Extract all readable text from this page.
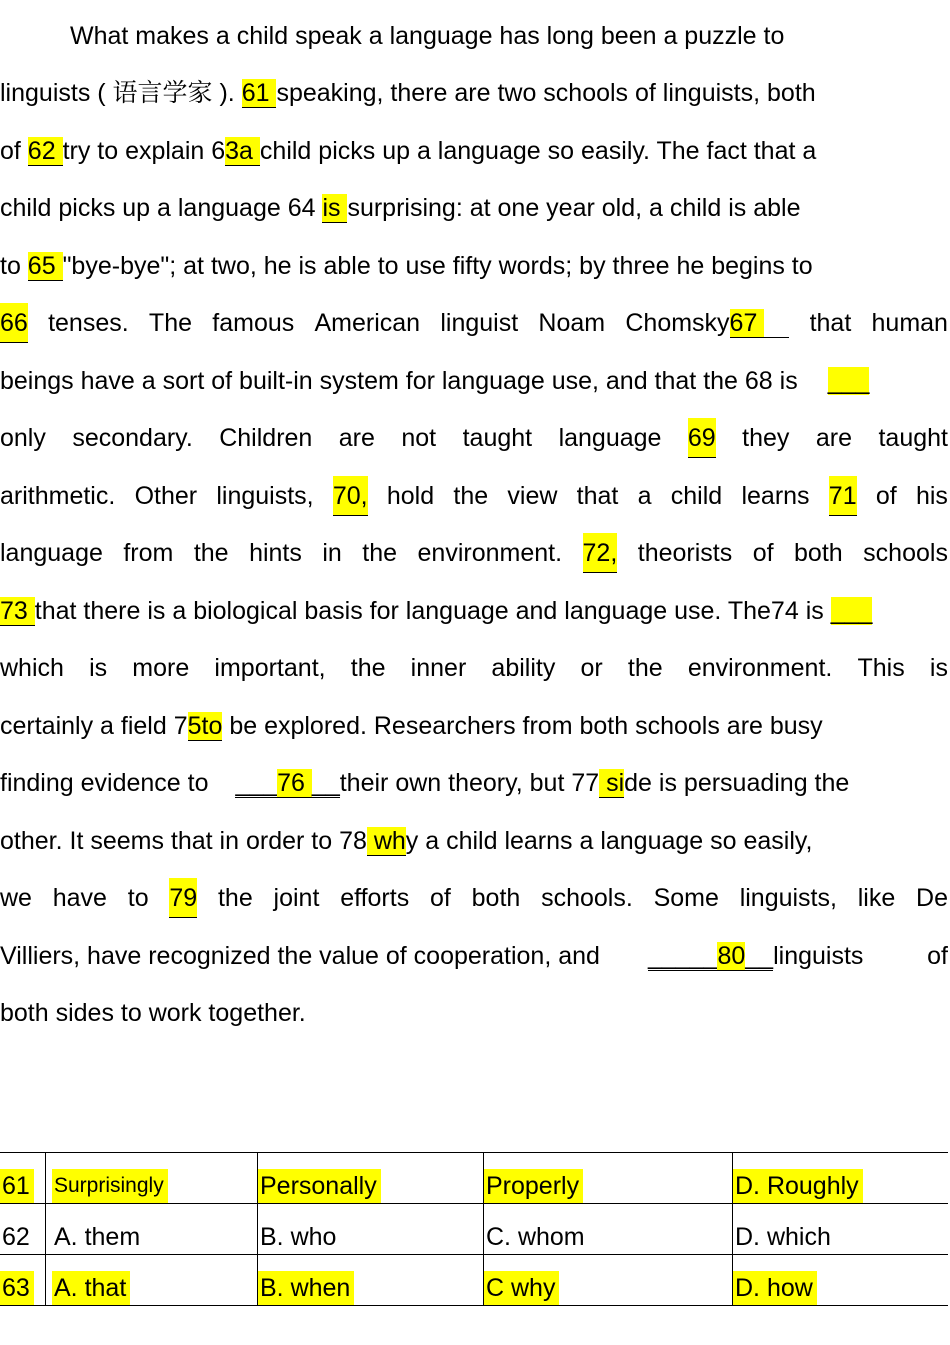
What makes a child speak a language has long been a puzzle to
linguists ( 语言学家 ). 61 speaking, there are two schools of linguists, both
of 62 try to explain 63a child picks up a language so easily. The fact that a
child picks up a language 64 is surprising: at one year old, a child is able
to 65 "bye-bye"; at two, he is able to use fifty words; by three he begins to
66 tenses. The famous American linguist Noam Chomsky67  	that human
beings have a sort of built-in system for language use, and that the 68 is ___
only secondary. Children are not taught language 69 they are taught
arithmetic. Other linguists, 70, hold the view that a child learns 71 of his
language from the hints in the environment. 72, theorists of both schools
73 that there is a biological basis for language and language use. The74 is ___
which is more important, the inner ability or the environment. This is
certainly a field 75to be explored. Researchers from both schools are busy
finding evidence to ___76 __their own theory, but 77 side is persuading the
other. It seems that in order to 78 why a child learns a language so easily,
we have to 79 the joint efforts of both schools. Some linguists, like De
Villiers, have recognized the value of cooperation, and _____80__linguists	of
both sides to work together.
61	Surprisingly	Personally	Properly	D. Roughly
62	A. them	B. who	C. whom	D. which
63	A. that	B. when	C why	D. how
